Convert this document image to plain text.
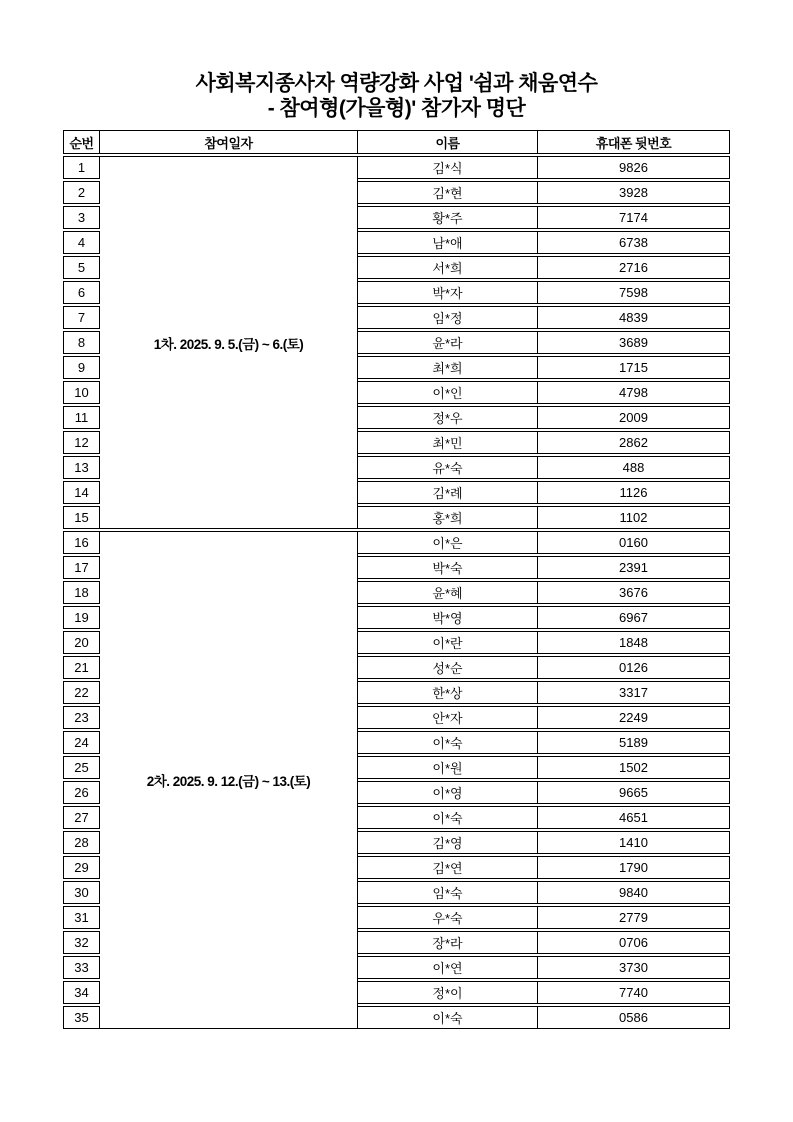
사회복지종사자 역량강화 사업 '쉼과 채움연수
- 참여형(가을형)' 참가자 명단
순번	참여일자	이름	휴대폰 뒷번호
1	1차. 2025. 9. 5.(금) ~ 6.(토)	김*식	9826
2		김*현	3928
3		황*주	7174
4		남*애	6738
5		서*희	2716
6		박*자	7598
7		임*정	4839
8		윤*라	3689
9		최*희	1715
10		이*인	4798
11		정*우	2009
12		최*민	2862
13		유*숙	488
14		김*례	1126
15		홍*희	1102
16	2차. 2025. 9. 12.(금) ~ 13.(토)	이*은	0160
17		박*숙	2391
18		윤*혜	3676
19		박*영	6967
20		이*란	1848
21		성*순	0126
22		한*상	3317
23		안*자	2249
24		이*숙	5189
25		이*원	1502
26		이*영	9665
27		이*숙	4651
28		김*영	1410
29		김*연	1790
30		임*숙	9840
31		우*숙	2779
32		장*라	0706
33		이*연	3730
34		정*이	7740
35		이*숙	0586
